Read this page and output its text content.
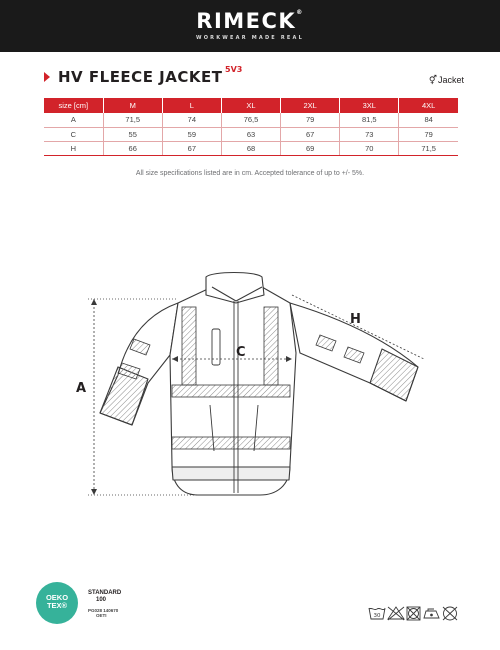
RIMECK®
WORKWEAR MADE REAL
HV FLEECE JACKET 5V3
⚥Jacket
size [cm]	M	L	XL	2XL	3XL	4XL
A	71,5	74	76,5	79	81,5	84
C	55	59	63	67	73	79
H	66	67	68	69	70	71,5
All size specifications listed are in cm. Accepted tolerance of up to +/- 5%.
A
C
H
OEKO
TEX®
STANDARD
100
PG028 140670
OETI	30
